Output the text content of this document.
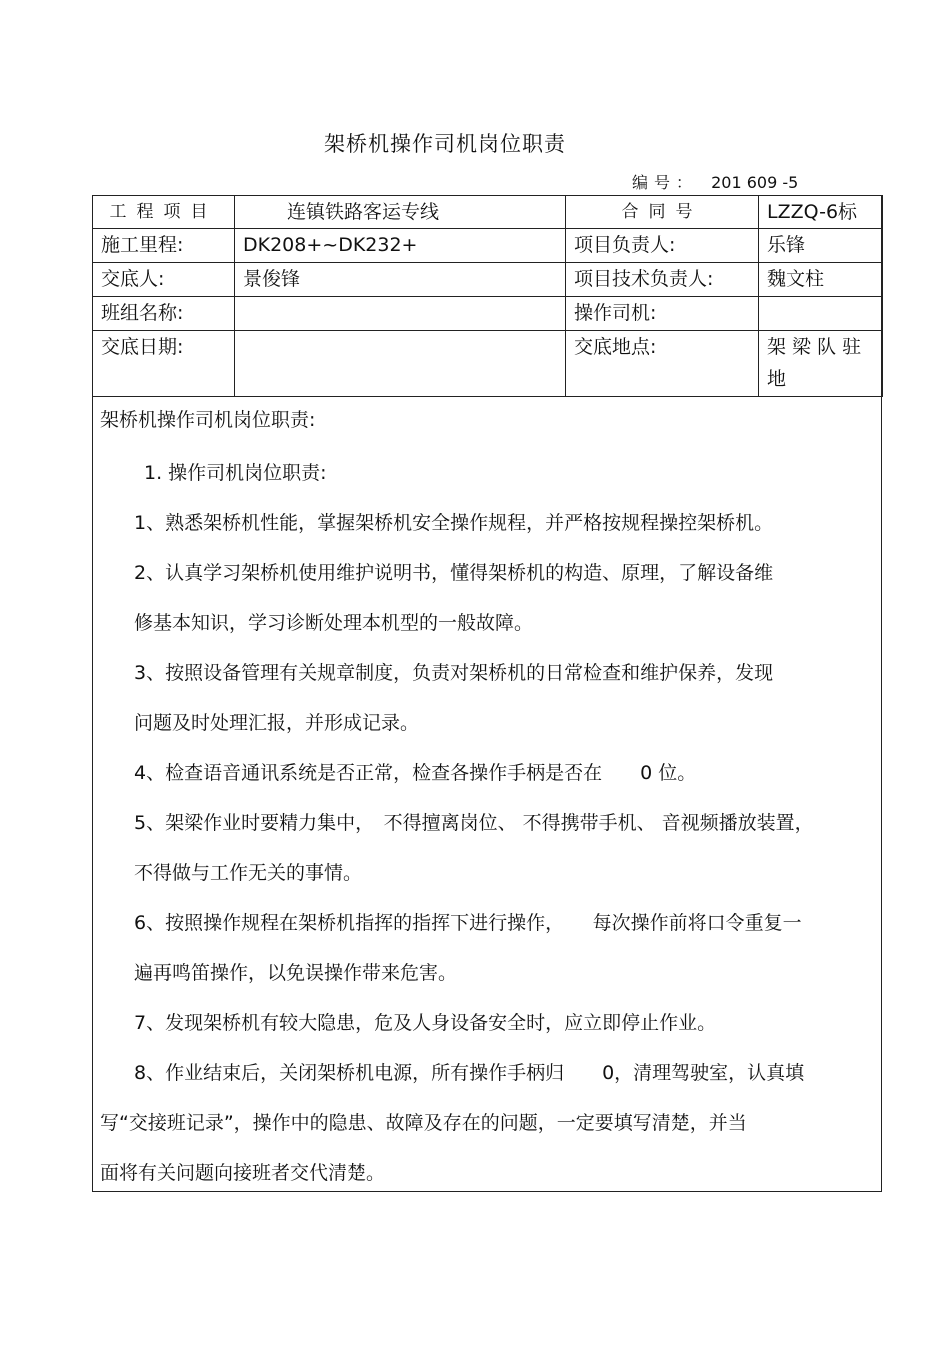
架桥机操作司机岗位职责
编号： 201 609 -5
工程项目	连镇铁路客运专线	合同号	LZZQ-6标
施工里程:	DK208+~DK232+	项目负责人:	乐锋
交底人:	景俊锋	项目技术负责人:	魏文柱
班组名称:		操作司机:	
交底日期:		交底地点:	架 梁 队 驻
地
架桥机操作司机岗位职责:
1. 操作司机岗位职责:
1、熟悉架桥机性能，掌握架桥机安全操作规程，并严格按规程操控架桥机。
2、认真学习架桥机使用维护说明书，懂得架桥机的构造、原理，了解设备维
修基本知识，学习诊断处理本机型的一般故障。
3、按照设备管理有关规章制度，负责对架桥机的日常检查和维护保养，发现
问题及时处理汇报，并形成记录。
4、检查语音通讯系统是否正常，检查各操作手柄是否在　　0 位。
5、架梁作业时要精力集中，　不得擅离岗位、 不得携带手机、 音视频播放装置，
不得做与工作无关的事情。
6、按照操作规程在架桥机指挥的指挥下进行操作，　　每次操作前将口令重复一
遍再鸣笛操作，以免误操作带来危害。
7、发现架桥机有较大隐患，危及人身设备安全时，应立即停止作业。
8、作业结束后，关闭架桥机电源，所有操作手柄归　　0，清理驾驶室，认真填
写“交接班记录”，操作中的隐患、故障及存在的问题，一定要填写清楚，并当
面将有关问题向接班者交代清楚。
